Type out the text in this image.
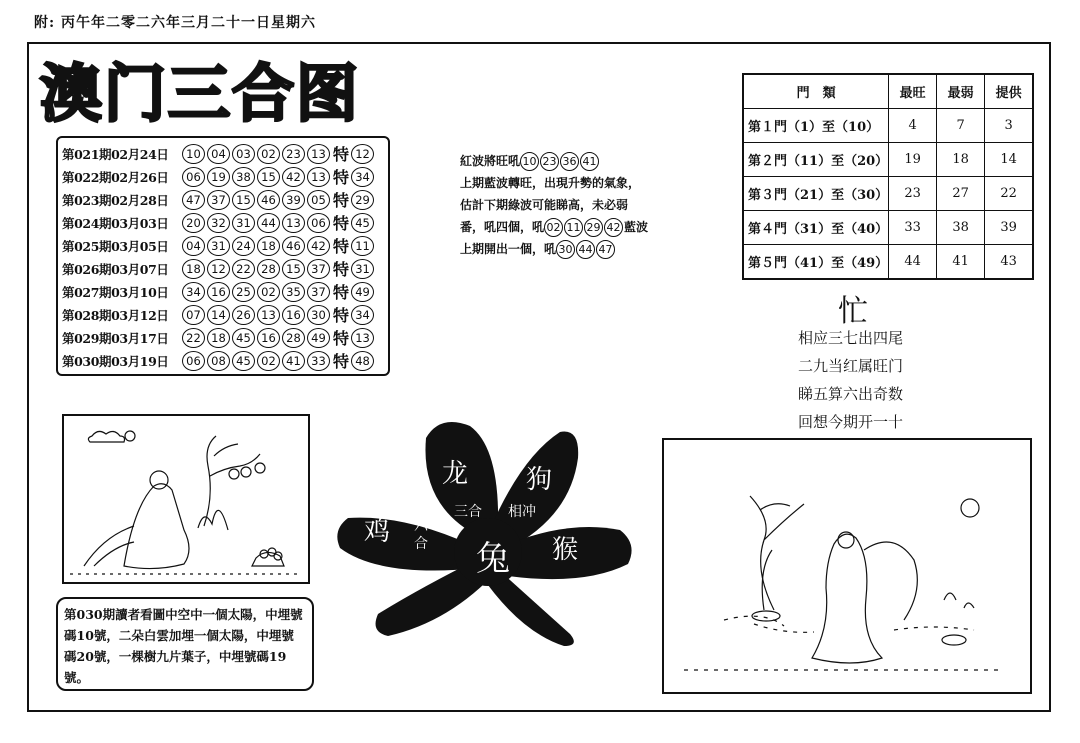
附: 丙午年二零二六年三月二十一日星期六
澳门三合图
第021期02月24日	10 04 03 02 23 13 特 12
第022期02月26日	06 19 38 15 42 13 特 34
第023期02月28日	47 37 15 46 39 05 特 29
第024期03月03日	20 32 31 44 13 06 特 45
第025期03月05日	04 31 24 18 46 42 特 11
第026期03月07日	18 12 22 28 15 37 特 31
第027期03月10日	34 16 25 02 35 37 特 49
第028期03月12日	07 14 26 13 16 30 特 34
第029期03月17日	22 18 45 16 28 49 特 13
第030期03月19日	06 08 45 02 41 33 特 48
紅波將旺吼 10 23 36 41
上期藍波轉旺，出現升勢的氣象，
估計下期綠波可能睇高，未必弱
番，吼四個，吼 02 11 29 42 藍波
上期開出一個，吼 30 44 47
門　類	最旺	最弱	提供
第１門（1）至（10）	4	7	3
第２門（11）至（20）	19	18	14
第３門（21）至（30）	23	27	22
第４門（31）至（40）	33	38	39
第５門（41）至（49）	44	41	43
忙
相应三七出四尾
二九当红属旺门
睇五算六出奇数
回想今期开一十
第030期讀者看圖中空中一個太陽，中埋號碼10號，二朵白雲加埋一個太陽，中埋號碼20號，一棵樹九片葉子，中埋號碼19號。
龙 狗
鸡
猴
兔
三合 相冲
六
合
